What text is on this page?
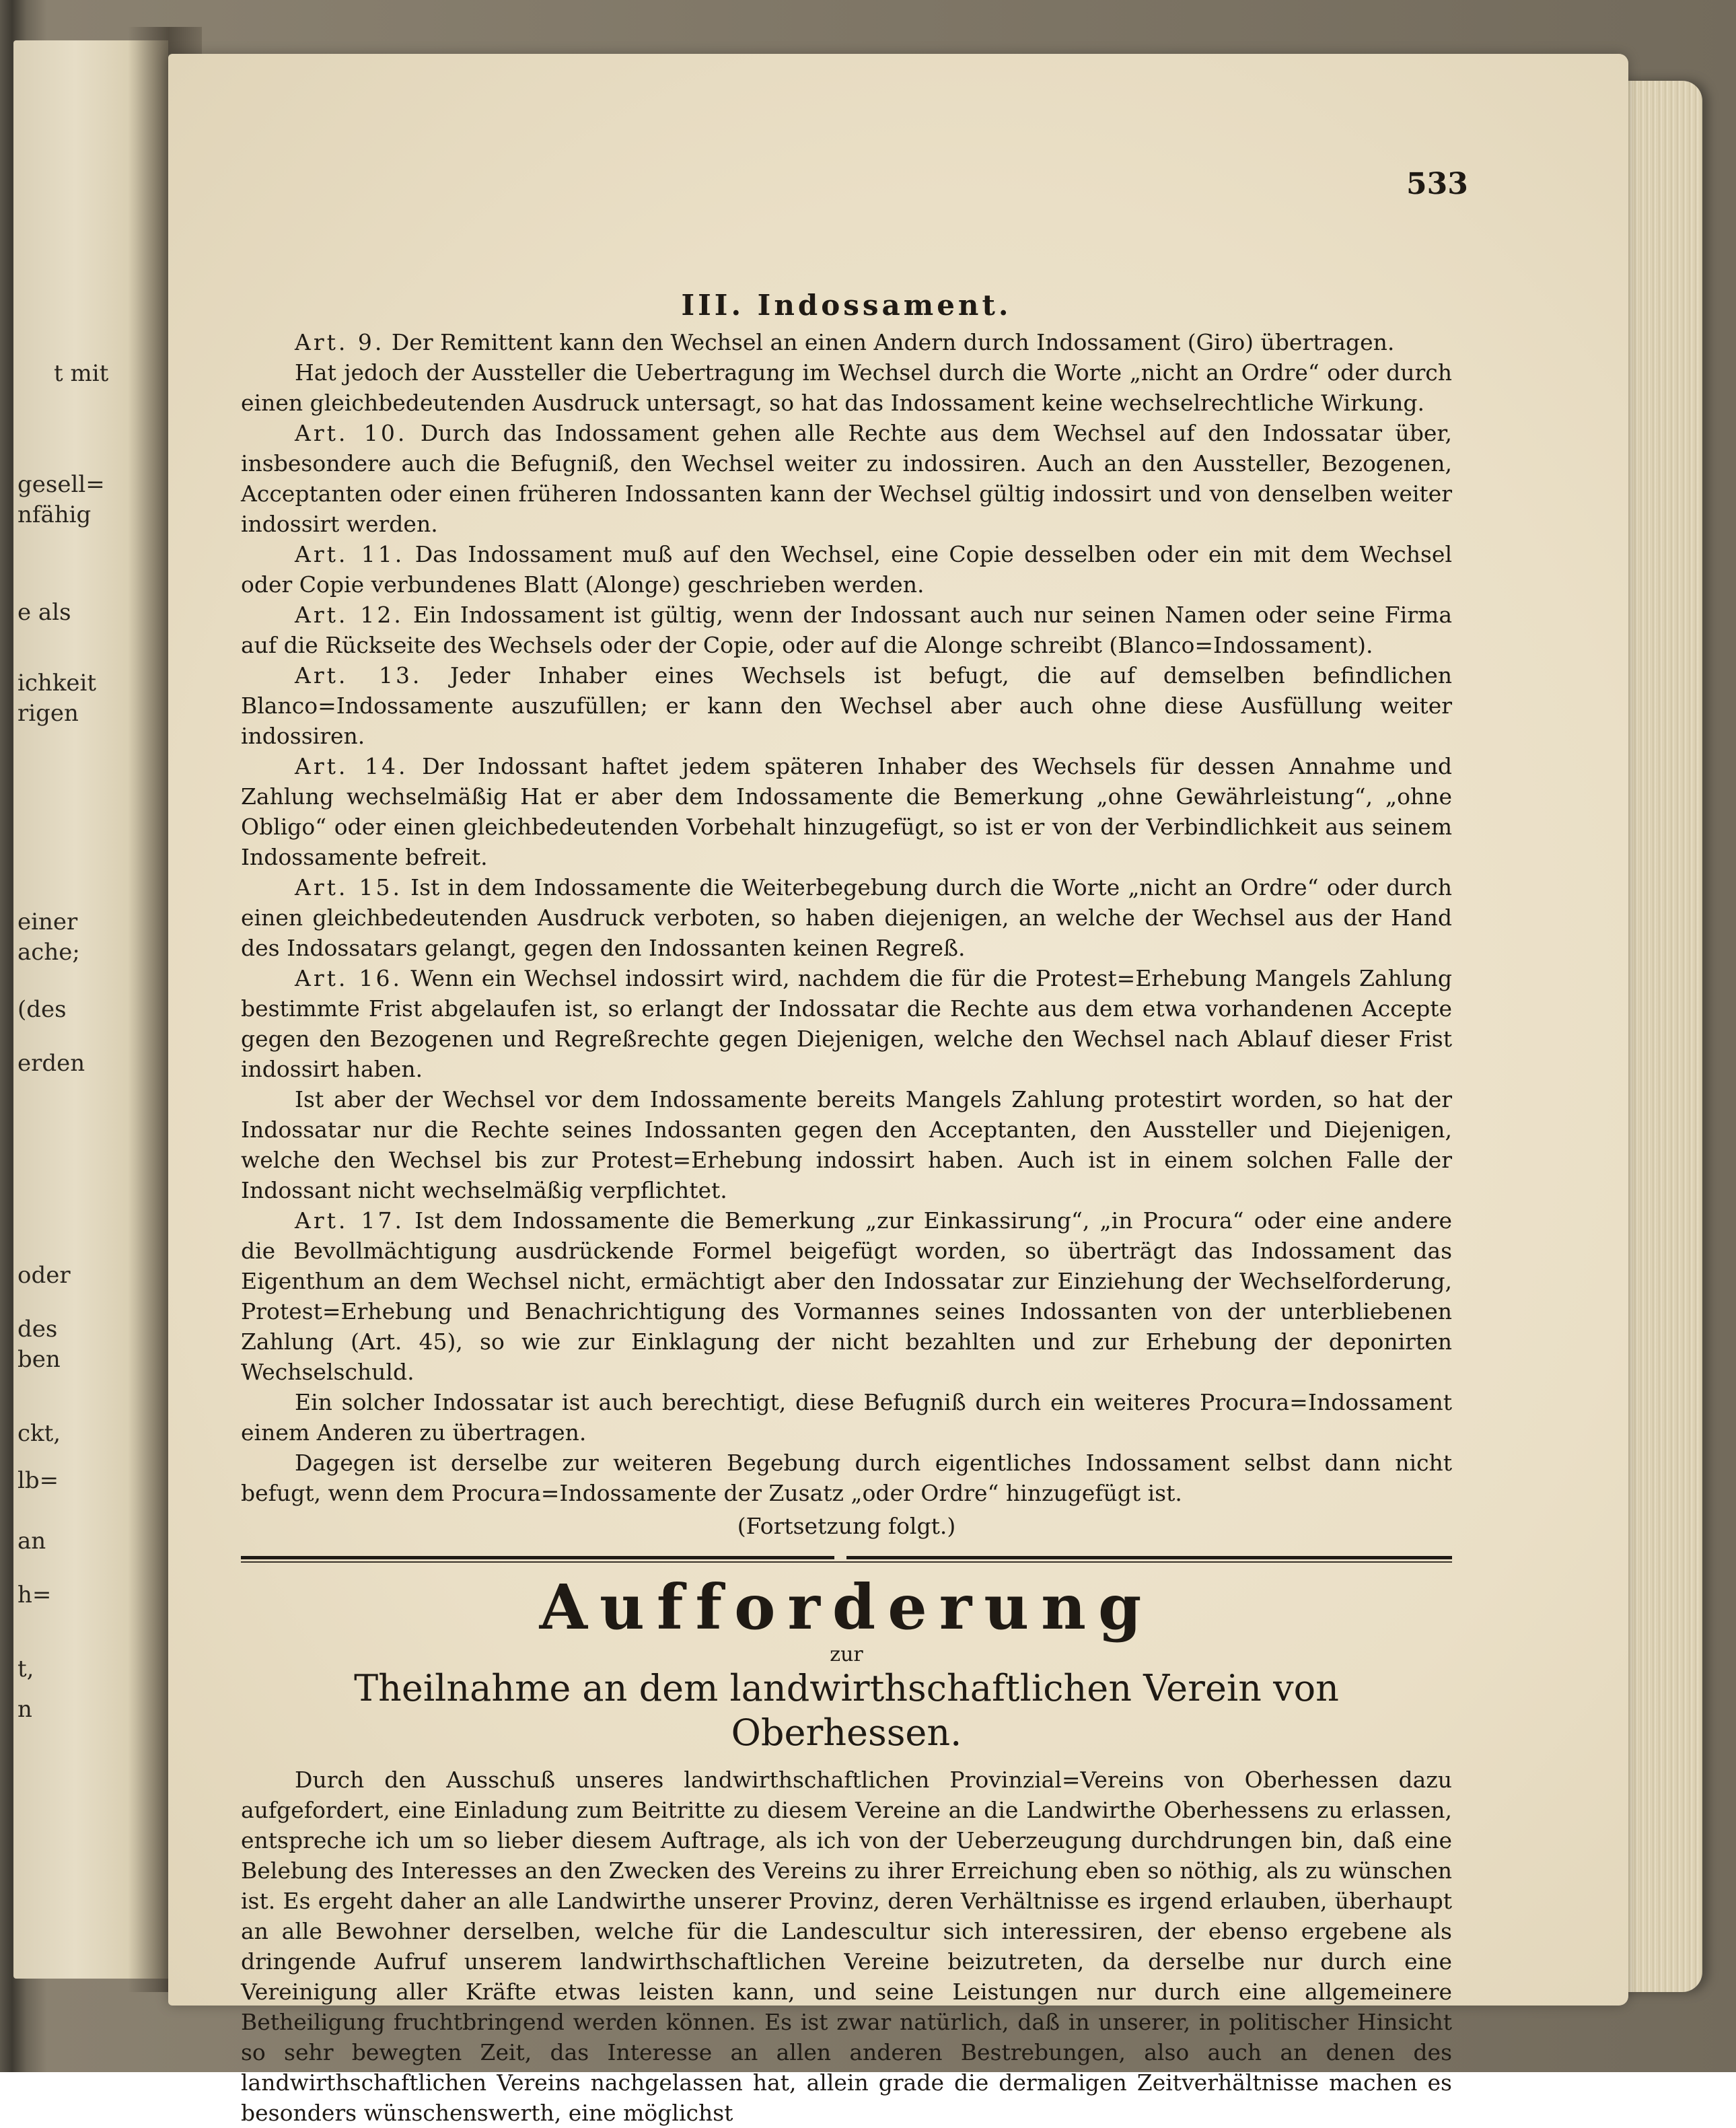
t mit
gesell=
nfähig
e als
ichkeit
rigen
einer
ache;
(des
erden
oder
des
ben
ckt,
lb=
an
h=
t,
n
533
III. Indossament.

Art. 9. Der Remittent kann den Wechsel an einen Andern durch Indossament (Giro) übertragen.

Hat jedoch der Aussteller die Uebertragung im Wechsel durch die Worte „nicht an Ordre“ oder durch einen gleichbedeutenden Ausdruck untersagt, so hat das Indossament keine wechselrechtliche Wirkung.

Art. 10. Durch das Indossament gehen alle Rechte aus dem Wechsel auf den Indossatar über, insbesondere auch die Befugniß, den Wechsel weiter zu indossiren. Auch an den Aussteller, Bezogenen, Acceptanten oder einen früheren Indossanten kann der Wechsel gültig indossirt und von denselben weiter indossirt werden.

Art. 11. Das Indossament muß auf den Wechsel, eine Copie desselben oder ein mit dem Wechsel oder Copie verbundenes Blatt (Alonge) geschrieben werden.

Art. 12. Ein Indossament ist gültig, wenn der Indossant auch nur seinen Namen oder seine Firma auf die Rückseite des Wechsels oder der Copie, oder auf die Alonge schreibt (Blanco=Indossament).

Art. 13. Jeder Inhaber eines Wechsels ist befugt, die auf demselben befindlichen Blanco=Indossamente auszufüllen; er kann den Wechsel aber auch ohne diese Ausfüllung weiter indossiren.

Art. 14. Der Indossant haftet jedem späteren Inhaber des Wechsels für dessen Annahme und Zahlung wechselmäßig Hat er aber dem Indossamente die Bemerkung „ohne Gewährleistung“, „ohne Obligo“ oder einen gleichbedeutenden Vorbehalt hinzugefügt, so ist er von der Verbindlichkeit aus seinem Indossamente befreit.

Art. 15. Ist in dem Indossamente die Weiterbegebung durch die Worte „nicht an Ordre“ oder durch einen gleichbedeutenden Ausdruck verboten, so haben diejenigen, an welche der Wechsel aus der Hand des Indossatars gelangt, gegen den Indossanten keinen Regreß.

Art. 16. Wenn ein Wechsel indossirt wird, nachdem die für die Protest=Erhebung Mangels Zahlung bestimmte Frist abgelaufen ist, so erlangt der Indossatar die Rechte aus dem etwa vorhandenen Accepte gegen den Bezogenen und Regreßrechte gegen Diejenigen, welche den Wechsel nach Ablauf dieser Frist indossirt haben.

Ist aber der Wechsel vor dem Indossamente bereits Mangels Zahlung protestirt worden, so hat der Indossatar nur die Rechte seines Indossanten gegen den Acceptanten, den Aussteller und Diejenigen, welche den Wechsel bis zur Protest=Erhebung indossirt haben. Auch ist in einem solchen Falle der Indossant nicht wechselmäßig verpflichtet.

Art. 17. Ist dem Indossamente die Bemerkung „zur Einkassirung“, „in Procura“ oder eine andere die Bevollmächtigung ausdrückende Formel beigefügt worden, so überträgt das Indossament das Eigenthum an dem Wechsel nicht, ermächtigt aber den Indossatar zur Einziehung der Wechselforderung, Protest=Erhebung und Benachrichtigung des Vormannes seines Indossanten von der unterbliebenen Zahlung (Art. 45), so wie zur Einklagung der nicht bezahlten und zur Erhebung der deponirten Wechselschuld.

Ein solcher Indossatar ist auch berechtigt, diese Befugniß durch ein weiteres Procura=Indossament einem Anderen zu übertragen.

Dagegen ist derselbe zur weiteren Begebung durch eigentliches Indossament selbst dann nicht befugt, wenn dem Procura=Indossamente der Zusatz „oder Ordre“ hinzugefügt ist.

(Fortsetzung folgt.)
Aufforderung
zur
Theilnahme an dem landwirthschaftlichen Verein von Oberhessen.

Durch den Ausschuß unseres landwirthschaftlichen Provinzial=Vereins von Oberhessen dazu aufgefordert, eine Einladung zum Beitritte zu diesem Vereine an die Landwirthe Oberhessens zu erlassen, entspreche ich um so lieber diesem Auftrage, als ich von der Ueberzeugung durchdrungen bin, daß eine Belebung des Interesses an den Zwecken des Vereins zu ihrer Erreichung eben so nöthig, als zu wünschen ist. Es ergeht daher an alle Landwirthe unserer Provinz, deren Verhältnisse es irgend erlauben, überhaupt an alle Bewohner derselben, welche für die Landescultur sich interessiren, der ebenso ergebene als dringende Aufruf unserem landwirthschaftlichen Vereine beizutreten, da derselbe nur durch eine Vereinigung aller Kräfte etwas leisten kann, und seine Leistungen nur durch eine allgemeinere Betheiligung fruchtbringend werden können. Es ist zwar natürlich, daß in unserer, in politischer Hinsicht so sehr bewegten Zeit, das Interesse an allen anderen Bestrebungen, also auch an denen des landwirthschaftlichen Vereins nachgelassen hat, allein grade die dermaligen Zeitverhältnisse machen es besonders wünschenswerth, eine möglichst
